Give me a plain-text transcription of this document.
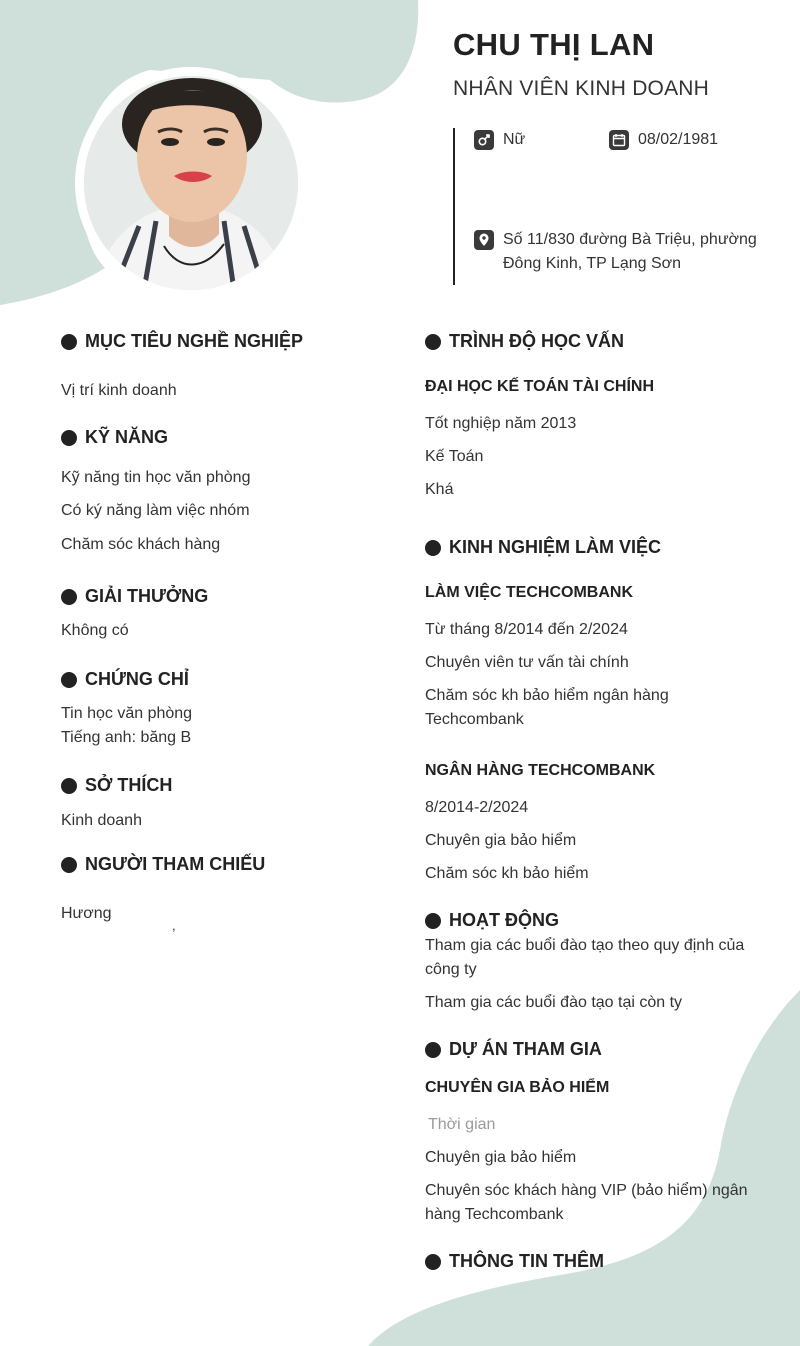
CHU THỊ LAN
NHÂN VIÊN KINH DOANH
Nữ	08/02/1981
Số 11/830 đường Bà Triệu, phường
Đông Kinh, TP Lạng Sơn
MỤC TIÊU NGHỀ NGHIỆP
Vị trí kinh doanh
KỸ NĂNG
Kỹ năng tin học văn phòng
Có ký năng làm việc nhóm
Chăm sóc khách hàng
GIẢI THƯỞNG
Không có
CHỨNG CHỈ
Tin học văn phòng
Tiếng anh: băng B
SỞ THÍCH
Kinh doanh
NGƯỜI THAM CHIẾU
Hương
,
TRÌNH ĐỘ HỌC VẤN
ĐẠI HỌC KẾ TOÁN TÀI CHÍNH
Tốt nghiệp năm 2013
Kế Toán
Khá
KINH NGHIỆM LÀM VIỆC
LÀM VIỆC TECHCOMBANK
Từ tháng 8/2014 đến 2/2024
Chuyên viên tư vấn tài chính
Chăm sóc kh bảo hiểm ngân hàng
Techcombank
NGÂN HÀNG TECHCOMBANK
8/2014-2/2024
Chuyên gia bảo hiểm
Chăm sóc kh bảo hiểm
HOẠT ĐỘNG
Tham gia các buổi đào tạo theo quy định của
công ty
Tham gia các buổi đào tạo tại còn ty
DỰ ÁN THAM GIA
CHUYÊN GIA BẢO HIỂM
Thời gian
Chuyên gia bảo hiểm
Chuyên sóc khách hàng VIP (bảo hiểm) ngân
hàng Techcombank
THÔNG TIN THÊM
